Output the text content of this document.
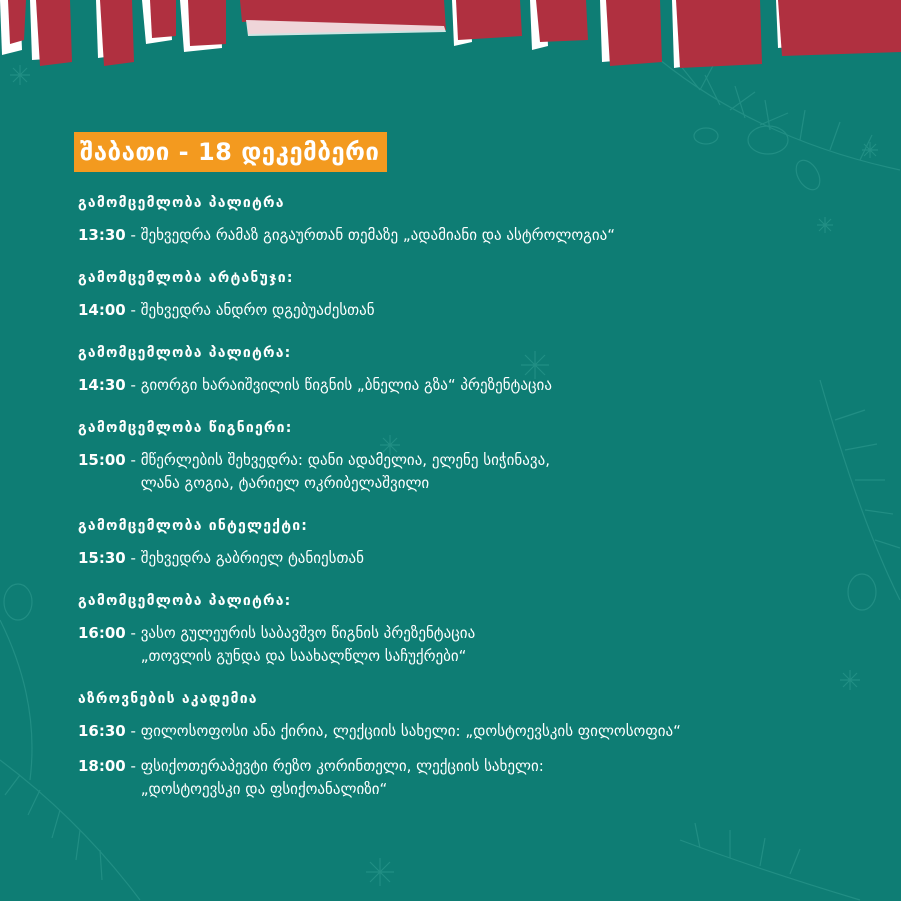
შაბათი - 18 დეკემბერი
გამომცემლობა პალიტრა
13:30 - შეხვედრა რამაზ გიგაურთან თემაზე „ადამიანი და ასტროლოგია“
გამომცემლობა არტანუჯი:
14:00 - შეხვედრა ანდრო დგებუაძესთან
გამომცემლობა პალიტრა:
14:30 - გიორგი ხარაიშვილის წიგნის „ბნელია გზა“ პრეზენტაცია
გამომცემლობა წიგნიერი:
15:00 - მწერლების შეხვედრა: დანი ადამელია, ელენე სიჭინავა,
ლანა გოგია, ტარიელ ოკრიბელაშვილი
გამომცემლობა ინტელექტი:
15:30 - შეხვედრა გაბრიელ ტანიესთან
გამომცემლობა პალიტრა:
16:00 - ვასო გულეურის საბავშვო წიგნის პრეზენტაცია
„თოვლის გუნდა და საახალწლო საჩუქრები“
აზროვნების აკადემია
16:30 - ფილოსოფოსი ანა ქირია, ლექციის სახელი: „დოსტოევსკის ფილოსოფია“
18:00 - ფსიქოთერაპევტი რეზო კორინთელი, ლექციის სახელი:
„დოსტოევსკი და ფსიქოანალიზი“
